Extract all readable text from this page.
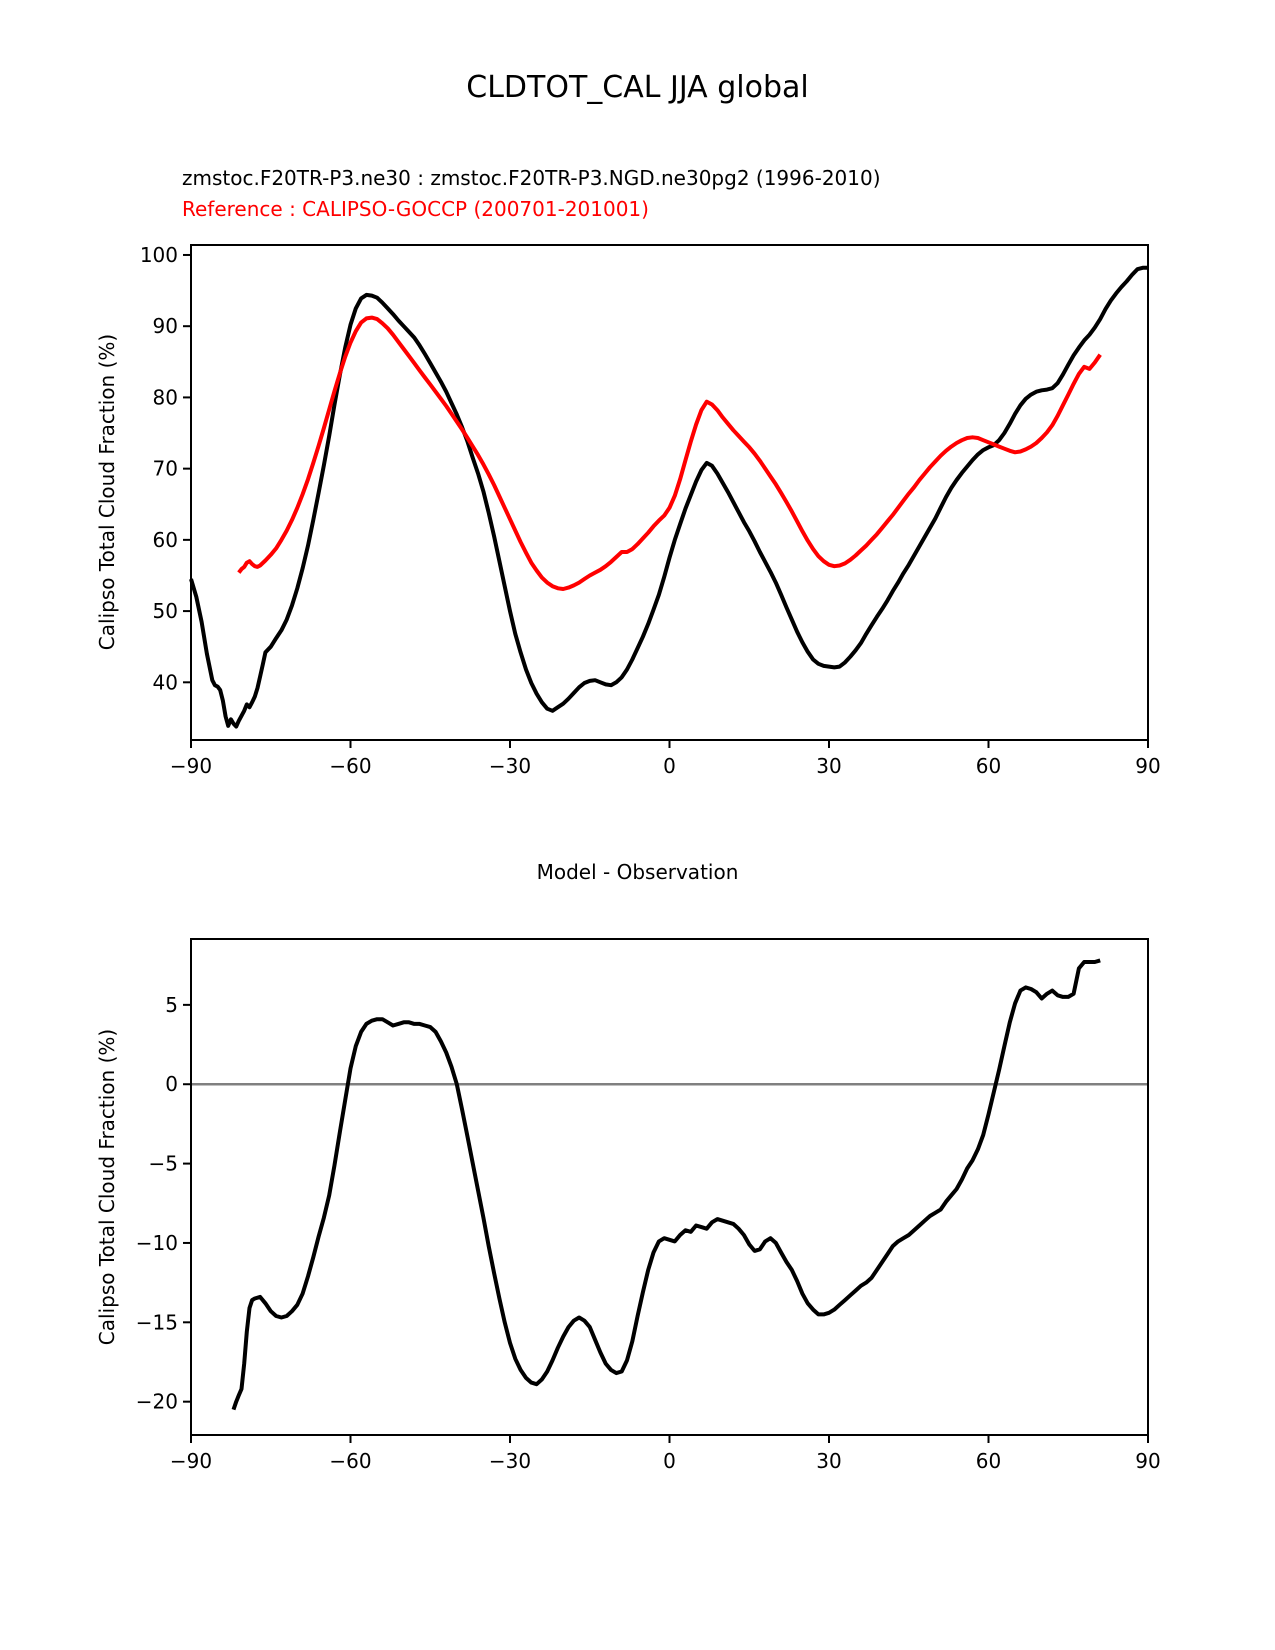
CLDTOT_CAL JJA global
zmstoc.F20TR-P3.ne30 : zmstoc.F20TR-P3.NGD.ne30pg2 (1996-2010)
Reference : CALIPSO-GOCCP (200701-201001)
Calipso Total Cloud Fraction (%)
Calipso Total Cloud Fraction (%)
Model - Observation
−90	−60	−30	0	30	60	90
40
50
60
70
80
90
100
−90	−60	−30	0	30	60	90
−20
−15
−10
−5
0
5
